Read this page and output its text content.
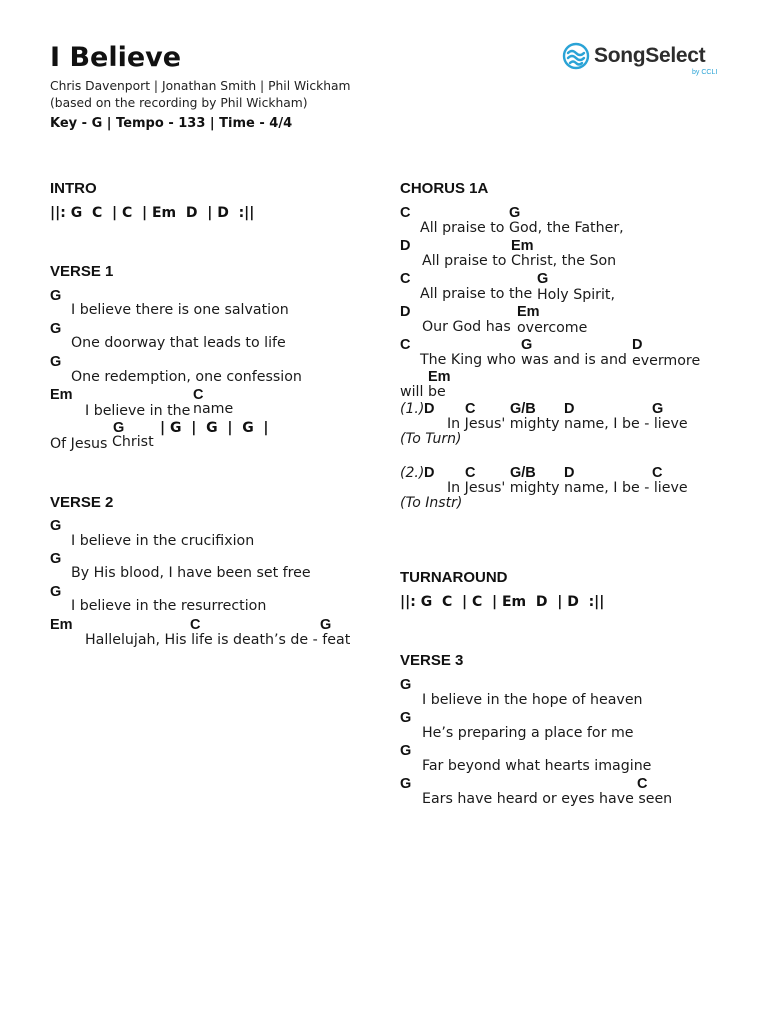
I Believe
Chris Davenport | Jonathan Smith | Phil Wickham
(based on the recording by Phil Wickham)
Key - G | Tempo - 133 | Time - 4/4
SongSelect
by CCLI
INTRO
||: G  C  | C  | Em  D  | D  :||
VERSE 1
G
I believe there is one salvation
G
One doorway that leads to life
G
One redemption, one confession
Em	C
I believe in the name
G	| G  |  G  |  G  |
Of Jesus Christ
VERSE 2
G
I believe in the crucifixion
G
By His blood, I have been set free
G
I believe in the resurrection
Em	C	G
Hallelujah, His life is death’s de - feat
CHORUS 1A
C	G
All praise to God, the Father,
D	Em
All praise to Christ, the Son
C	G
All praise to the Holy Spirit,
D	Em
Our God has overcome
C	G	D
The King who was and is and evermore
Em
will be
(1.) D C G/B D	G
In Jesus' mighty name, I be - lieve
(To Turn)
(2.) D C G/B D	C
In Jesus' mighty name, I be - lieve
(To Instr)
TURNAROUND
||: G  C  | C  | Em  D  | D  :||
VERSE 3
G
I believe in the hope of heaven
G
He’s preparing a place for me
G
Far beyond what hearts imagine
G	C
Ears have heard or eyes have seen
